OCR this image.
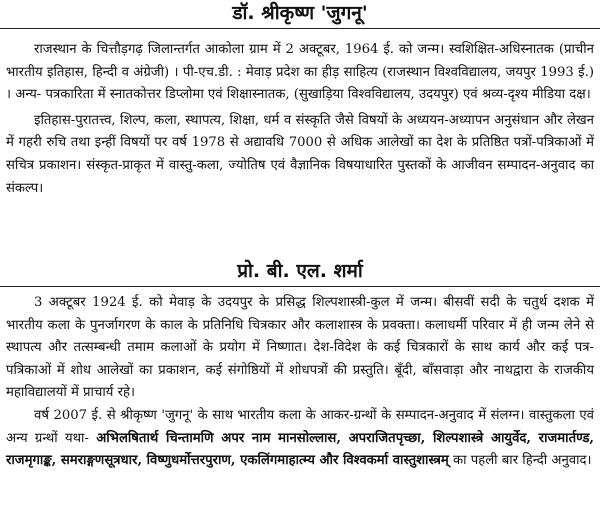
डॉ. श्रीकृष्ण 'जुगनू'

राजस्थान के चित्तौड़गढ़ जिलान्तर्गत आकोला ग्राम में 2 अक्टूबर, 1964 ई. को जन्म। स्वशिक्षित-अधिस्नातक (प्राचीन भारतीय इतिहास, हिन्दी व अंग्रेजी) । पी-एच.डी. : मेवाड़ प्रदेश का हीड़ साहित्य (राजस्थान विश्वविद्यालय, जयपुर 1993 ई.) । अन्य- पत्रकारिता में स्नातकोत्तर डिप्लोमा एवं शिक्षास्नातक, (सुखाड़िया विश्वविद्यालय, उदयपुर) एवं श्रव्य-दृश्य मीडिया दक्ष।

इतिहास-पुरातत्त्व, शिल्प, कला, स्थापत्य, शिक्षा, धर्म व संस्कृति जैसे विषयों के अध्ययन-अध्यापन अनुसंधान और लेखन में गहरी रुचि तथा इन्हीं विषयों पर वर्ष 1978 से अद्यावधि 7000 से अधिक आलेखों का देश के प्रतिष्ठित पत्रों-पत्रिकाओं में सचित्र प्रकाशन। संस्कृत-प्राकृत में वास्तु-कला, ज्योतिष एवं वैज्ञानिक विषयाधारित पुस्तकों के आजीवन सम्पादन-अनुवाद का संकल्प।

प्रो. बी. एल. शर्मा

3 अक्टूबर 1924 ई. को मेवाड़ के उदयपुर के प्रसिद्ध शिल्पशास्त्री-कुल में जन्म। बीसवीं सदी के चतुर्थ दशक में भारतीय कला के पुनर्जागरण के काल के प्रतिनिधि चित्रकार और कलाशास्त्र के प्रवक्ता। कलाधर्मी परिवार में ही जन्म लेने से स्थापत्य और तत्सम्बन्धी तमाम कलाओं के प्रयोग में निष्णात। देश-विदेश के कई चित्रकारों के साथ कार्य और कई पत्र-पत्रिकाओं में शोध आलेखों का प्रकाशन, कई संगोष्ठियों में शोधपत्रों की प्रस्तुति। बूँदी, बाँसवाड़ा और नाथद्वारा के राजकीय महाविद्यालयों में प्राचार्य रहे।

वर्ष 2007 ई. से श्रीकृष्ण 'जुगनू' के साथ भारतीय कला के आकर-ग्रन्थों के सम्पादन-अनुवाद में संलग्न। वास्तुकला एवं अन्य ग्रन्थों यथा- अभिलषितार्थ चिन्तामणि अपर नाम मानसोल्लास, अपराजितपृच्छा, शिल्पशास्त्रे आयुर्वेद, राजमार्तण्ड, राजमृगाङ्क, समराङ्गणसूत्रधार, विष्णुधर्मोत्तरपुराण, एकलिंगमाहात्म्य और विश्वकर्मा वास्तुशास्त्रम् का पहली बार हिन्दी अनुवाद।
